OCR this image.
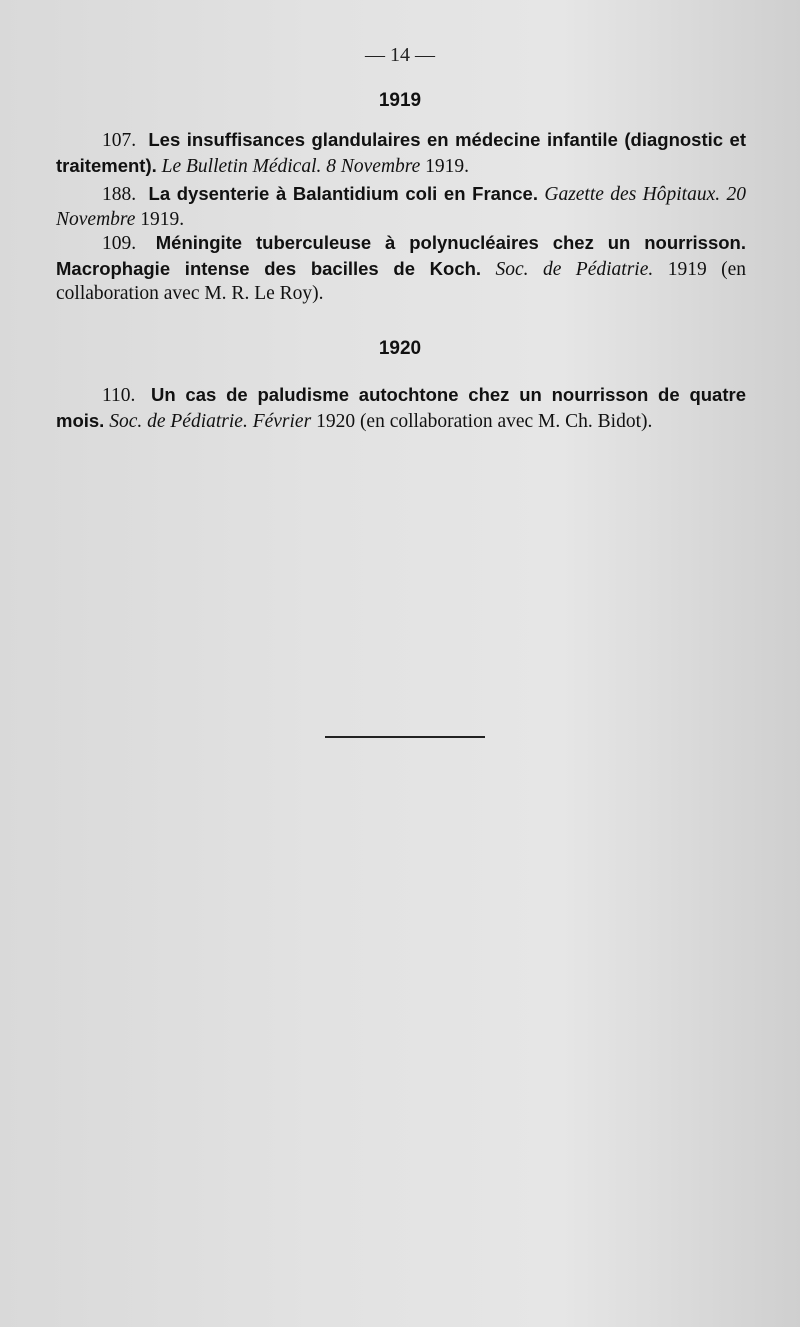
— 14 —
1919

107. Les insuffisances glandulaires en médecine infantile (diagnostic et traitement). Le Bulletin Médical. 8 Novembre 1919.

188. La dysenterie à Balantidium coli en France. Gazette des Hôpitaux. 20 Novembre 1919.

109. Méningite tuberculeuse à polynucléaires chez un nourrisson. Macrophagie intense des bacilles de Koch. Soc. de Pédiatrie. 1919 (en collaboration avec M. R. Le Roy).

1920

110. Un cas de paludisme autochtone chez un nourrisson de quatre mois. Soc. de Pédiatrie. Février 1920 (en collaboration avec M. Ch. Bidot).
